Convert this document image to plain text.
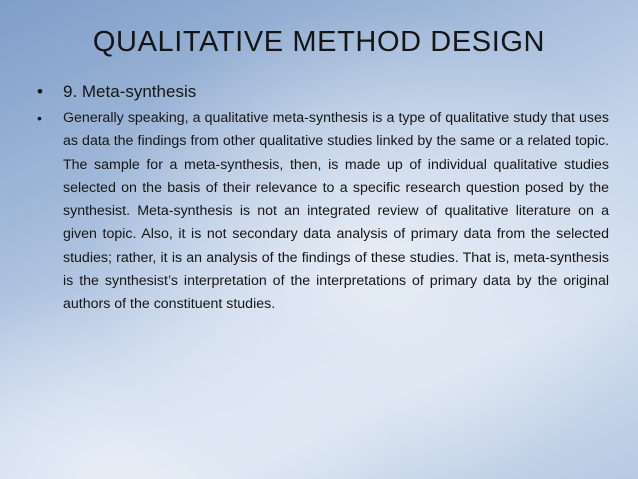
QUALITATIVE METHOD DESIGN
• 9. Meta-synthesis
• Generally speaking, a qualitative meta-synthesis is a type of qualitative study that uses as data the findings from other qualitative studies linked by the same or a related topic. The sample for a meta-synthesis, then, is made up of individual qualitative studies selected on the basis of their relevance to a specific research question posed by the synthesist. Meta-synthesis is not an integrated review of qualitative literature on a given topic. Also, it is not secondary data analysis of primary data from the selected studies; rather, it is an analysis of the findings of these studies. That is, meta-synthesis is the synthesist’s interpretation of the interpretations of primary data by the original authors of the constituent studies.
